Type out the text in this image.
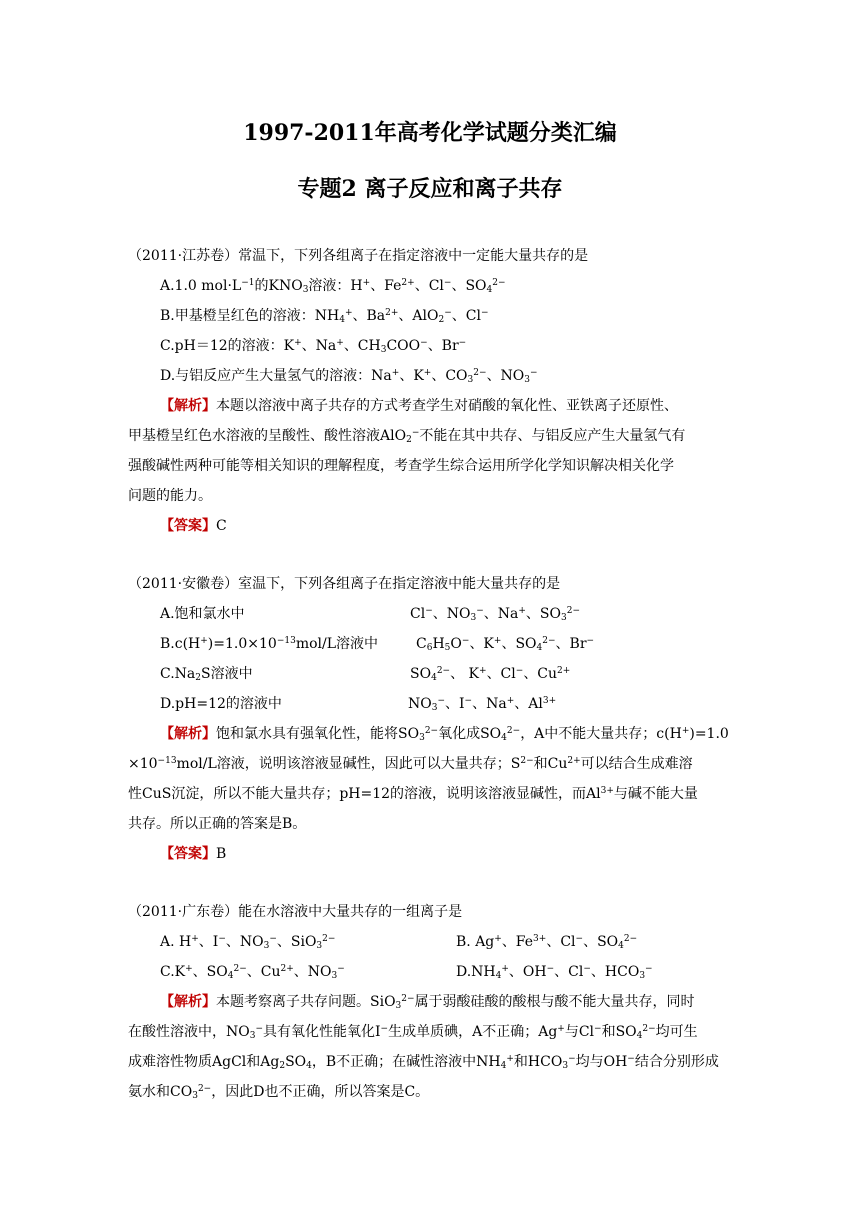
1997-2011年高考化学试题分类汇编
专题2 离子反应和离子共存
（2011·江苏卷）常温下，下列各组离子在指定溶液中一定能大量共存的是
A.1.0 $mol\cdot L^{-1}$的$KNO_3$溶液：H+、$Fe^{2+}$、Cl−、$SO_4^{2-}$
B.甲基橙呈红色的溶液：$NH_4^+$、$Ba^{2+}$、AlO$_2$−、Cl−
C.pH＝12的溶液：K+、Na+、$CH_3COO^-$、Br−
D.与铝反应产生大量氢气的溶液：Na+、K+、$CO_3^{2-}$、$NO_3^-$
【解析】本题以溶液中离子共存的方式考查学生对硝酸的氧化性、亚铁离子还原性、
甲基橙呈红色水溶液的呈酸性、酸性溶液AlO$_2$−不能在其中共存、与铝反应产生大量氢气有
强酸碱性两种可能等相关知识的理解程度，考查学生综合运用所学化学知识解决相关化学
问题的能力。
【答案】C
（2011·安徽卷）室温下，下列各组离子在指定溶液中能大量共存的是
A.饱和氯水中	Cl−、$NO_3^-$、Na+、$SO_3^{2-}$
$B.c(H^+)=1.0\times 10^{-13}mol/L$溶液中	$C_6H_5O^-$、K+、$SO_4^{2-}$、Br−
$C.Na_2S$溶液中	$SO_4^{2-}$、 K+、Cl−、$Cu^{2+}$
D.pH=12的溶液中	$NO_3^-$、I−、Na+、$Al^{3+}$
【解析】饱和氯水具有强氧化性，能将$SO_3^{2-}$氧化成$SO_4^{2-}$，A中不能大量共存；c(H+)=1.0
$\times 10^{-13}mol/L$溶液，说明该溶液显碱性，因此可以大量共存；$S^{2-}$和$Cu^{2+}$可以结合生成难溶
性CuS沉淀，所以不能大量共存；pH=12的溶液，说明该溶液显碱性，而$Al^{3+}$与碱不能大量
共存。所以正确的答案是B。
【答案】B
（2011·广东卷）能在水溶液中大量共存的一组离子是
A. H+、I−、$NO_3^-$、SiO$_3^{2-}$	B. Ag+、$Fe^{3+}$、Cl−、$SO_4^{2-}$
C.K+、$SO_4^{2-}$、$Cu^{2+}$、$NO_3^-$	$D.NH_4^+$、OH−、Cl−、$HCO_3^-$
【解析】本题考察离子共存问题。SiO$_3^{2-}$属于弱酸硅酸的酸根与酸不能大量共存，同时
在酸性溶液中，$NO_3^-$具有氧化性能氧化I−生成单质碘，A不正确；Ag+与Cl−和$SO_4^{2-}$均可生
成难溶性物质AgCl和$Ag_2SO_4$，B不正确；在碱性溶液中$NH_4^+$和$HCO_3^-$均与OH−结合分别形成
氨水和$CO_3^{2-}$，因此D也不正确，所以答案是C。
